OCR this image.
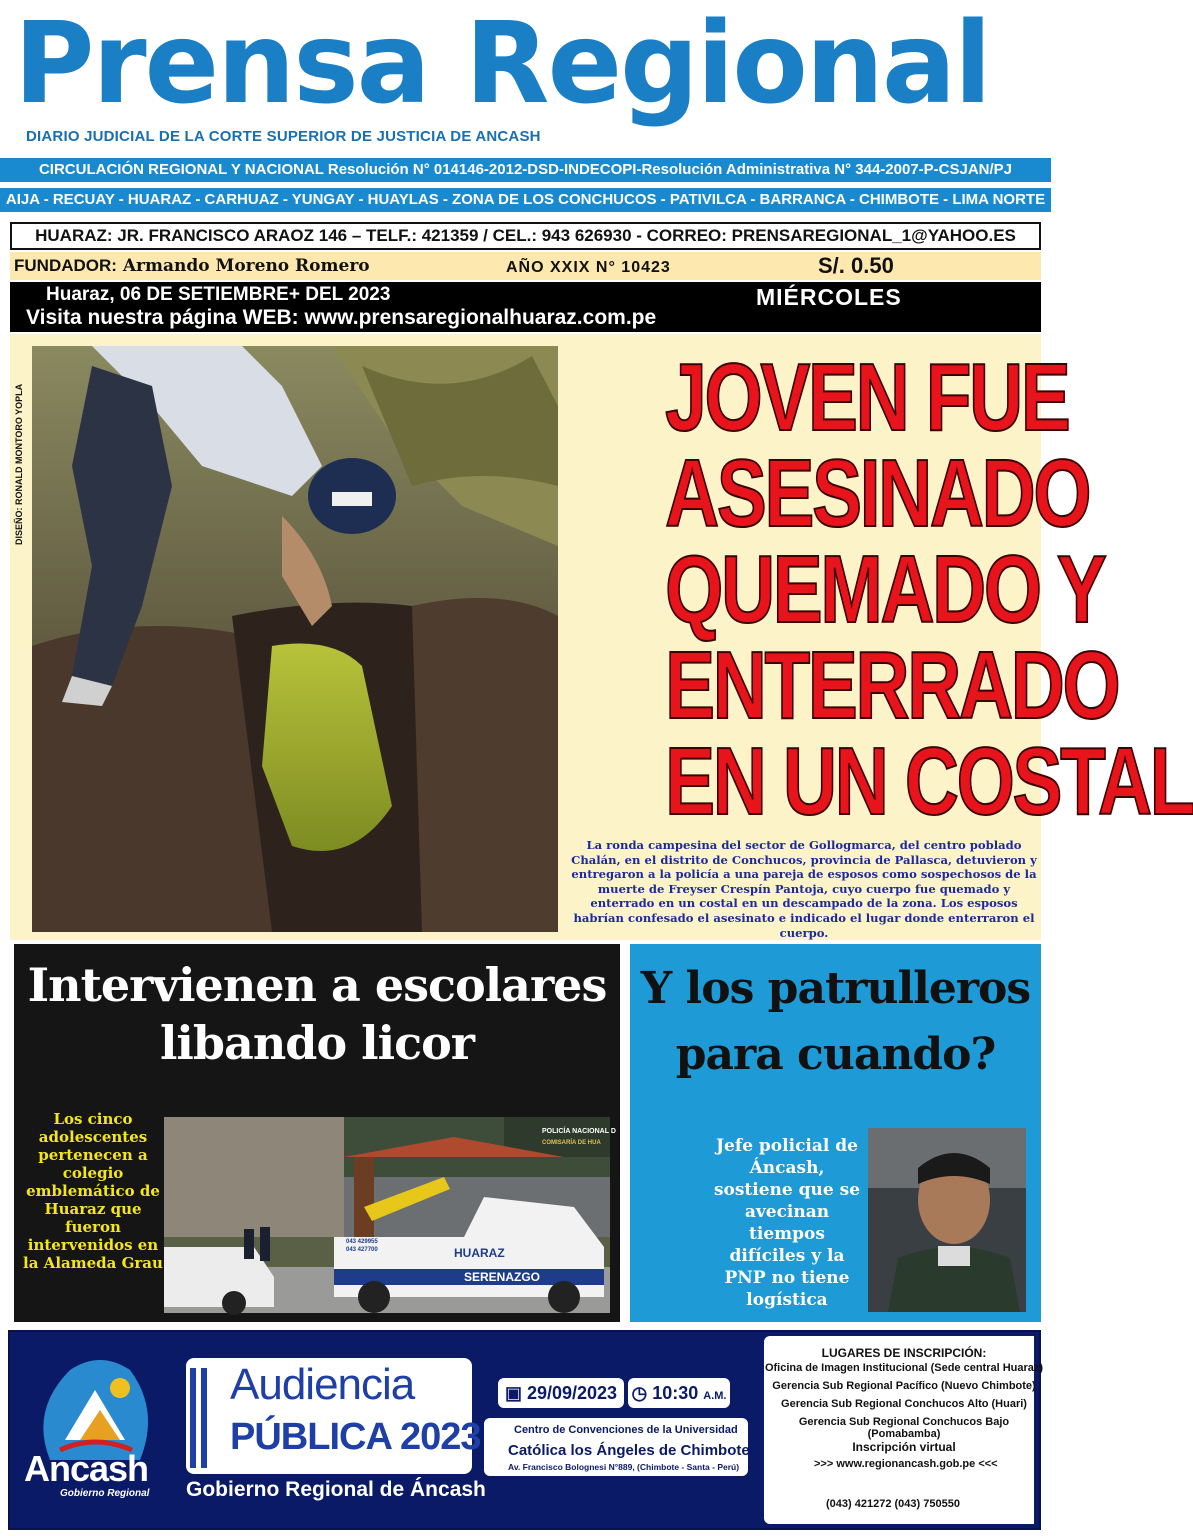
Prensa Regional
DIARIO JUDICIAL DE LA CORTE SUPERIOR DE JUSTICIA DE ANCASH
CIRCULACIÓN REGIONAL Y NACIONAL Resolución N° 014146-2012-DSD-INDECOPI-Resolución Administrativa N° 344-2007-P-CSJAN/PJ
AIJA - RECUAY - HUARAZ - CARHUAZ - YUNGAY - HUAYLAS - ZONA DE LOS CONCHUCOS - PATIVILCA - BARRANCA - CHIMBOTE - LIMA NORTE
HUARAZ: JR. FRANCISCO ARAOZ 146 – TELF.: 421359 / CEL.: 943 626930 - CORREO: PRENSAREGIONAL_1@YAHOO.ES
FUNDADOR: Armando Moreno Romero	AÑO XXIX N° 10423	S/. 0.50
Huaraz, 06 DE SETIEMBRE+ DEL 2023	MIÉRCOLES
Visita nuestra página WEB: www.prensaregionalhuaraz.com.pe
DISEÑO: RONALD MONTORO YOPLA	JOVEN FUE
ASESINADO
QUEMADO Y
ENTERRADO
EN UN COSTAL
La ronda campesina del sector de Gollogmarca, del centro poblado Chalán, en el distrito de Conchucos, provincia de Pallasca, detuvieron y entregaron a la policía a una pareja de esposos como sospechosos de la muerte de Freyser Crespín Pantoja, cuyo cuerpo fue quemado y enterrado en un costal en un descampado de la zona. Los esposos habrían confesado el asesinato e indicado el lugar donde enterraron el cuerpo.
Intervienen a escolares
libando licor
Los cinco adolescentes pertenecen a colegio emblemático de Huaraz que fueron intervenidos en la Alameda Grau
POLICÍA NACIONAL D
COMISARÍA DE HUA
SERENAZGO
HUARAZ
043 429955
043 427700
Y los patrulleros
para cuando?
Jefe policial de Áncash, sostiene que se avecinan tiempos difíciles y la PNP no tiene logística
Ancash
Gobierno Regional
Audiencia
PÚBLICA 2023
Gobierno Regional de Áncash
▣ 29/09/2023 ◷ 10:30 A.M.
Centro de Convenciones de la Universidad
Católica los Ángeles de Chimbote
Av. Francisco Bolognesi N°889, (Chimbote - Santa - Perú)
LUGARES DE INSCRIPCIÓN:
Oficina de Imagen Institucional (Sede central Huaraz)
Gerencia Sub Regional Pacífico (Nuevo Chimbote)
Gerencia Sub Regional Conchucos Alto (Huari)
Gerencia Sub Regional Conchucos Bajo (Pomabamba)
Inscripción virtual
>>> www.regionancash.gob.pe <<<
(043) 421272 (043) 750550
